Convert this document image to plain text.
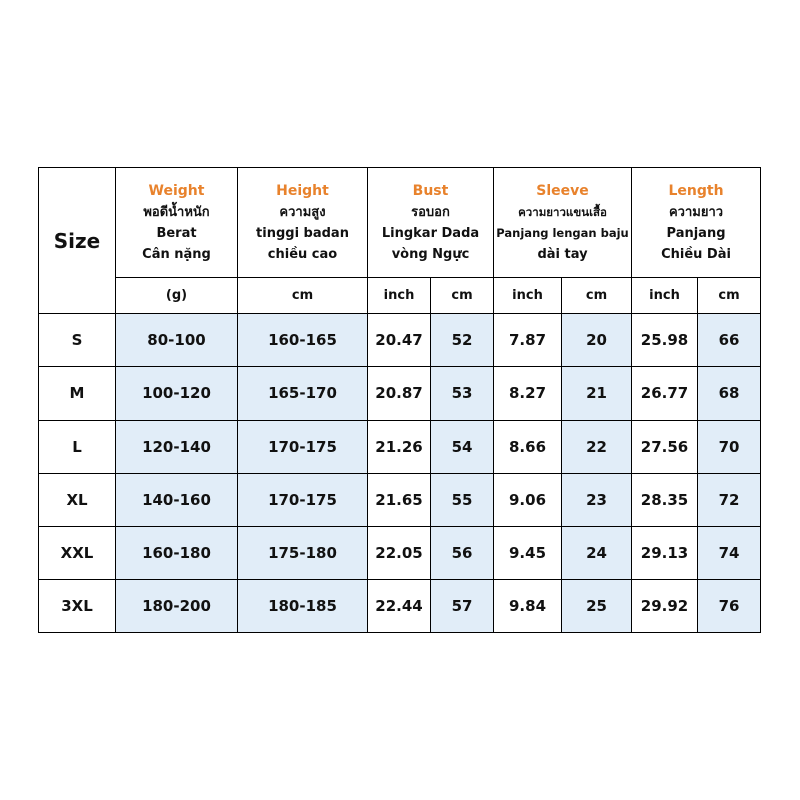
Size	Weight
พอดีน้ำหนัก
Berat
Cân nặng	Height
ความสูง
tinggi badan
chiều cao	Bust
รอบอก
Lingkar Dada
vòng Ngực		Sleeve
ความยาวแขนเสื้อ
Panjang lengan baju
dài tay		Length
ความยาว
Panjang
Chiều Dài	

	(g)	cm	inch	cm	inch	cm	inch	cm
S	80-100	160-165	20.47	52	7.87	20	25.98	66
M	100-120	165-170	20.87	53	8.27	21	26.77	68
L	120-140	170-175	21.26	54	8.66	22	27.56	70
XL	140-160	170-175	21.65	55	9.06	23	28.35	72
XXL	160-180	175-180	22.05	56	9.45	24	29.13	74
3XL	180-200	180-185	22.44	57	9.84	25	29.92	76
